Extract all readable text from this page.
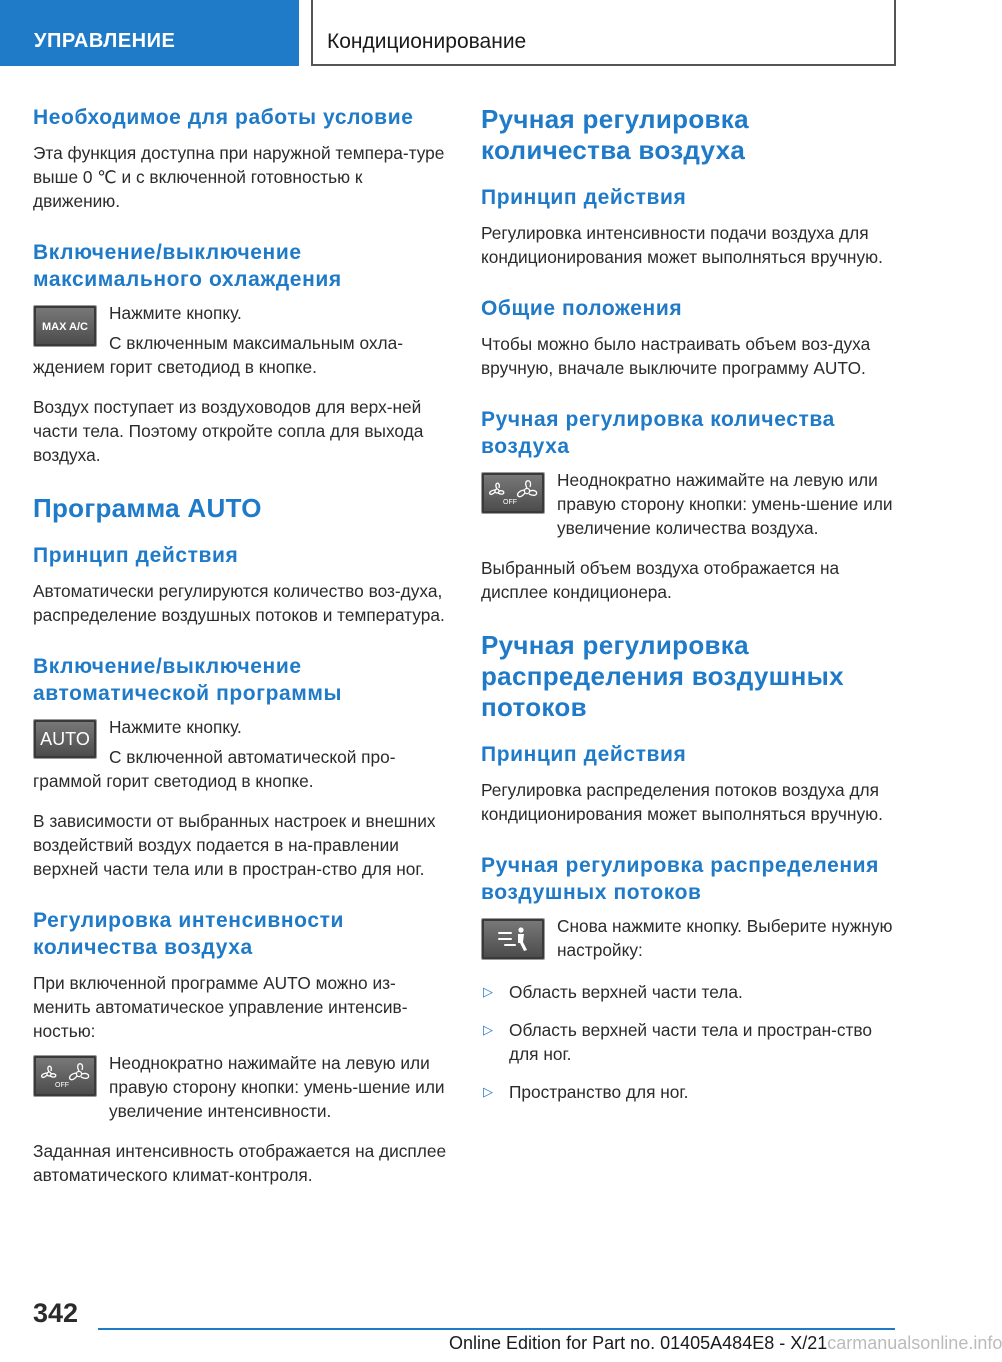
УПРАВЛЕНИЕ	Кондиционирование
Необходимое для работы условие

Эта функция доступна при наружной темпера-туре выше 0 ℃ и с включенной готовностью к движению.

Включение/выключение максимального охлаждения
MAX A/C

Нажмите кнопку.

С включенным максимальным охла-ждением горит светодиод в кнопке.

Воздух поступает из воздуховодов для верх-ней части тела. Поэтому откройте сопла для выхода воздуха.

Программа AUTO
Принцип действия

Автоматически регулируются количество воз-духа, распределение воздушных потоков и температура.

Включение/выключение автоматической программы
AUTO

Нажмите кнопку.

С включенной автоматической про-граммой горит светодиод в кнопке.

В зависимости от выбранных настроек и внешних воздействий воздух подается в на-правлении верхней части тела или в простран-ство для ног.

Регулировка интенсивности количества воздуха

При включенной программе AUTO можно из-менить автоматическое управление интенсив-ностью:

OFF

Неоднократно нажимайте на левую или правую сторону кнопки: умень-шение или увеличение интенсивности.

Заданная интенсивность отображается на дисплее автоматического климат-контроля.

Ручная регулировка количества воздуха
Принцип действия

Регулировка интенсивности подачи воздуха для кондиционирования может выполняться вручную.

Общие положения

Чтобы можно было настраивать объем воз-духа вручную, вначале выключите программу AUTO.

Ручная регулировка количества воздуха
OFF

Неоднократно нажимайте на левую или правую сторону кнопки: умень-шение или увеличение количества воздуха.

Выбранный объем воздуха отображается на дисплее кондиционера.

Ручная регулировка распределения воздушных потоков
Принцип действия

Регулировка распределения потоков воздуха для кондиционирования может выполняться вручную.

Ручная регулировка распределения воздушных потоков

Снова нажмите кнопку. Выберите нужную настройку:

▷ Область верхней части тела.
▷ Область верхней части тела и простран-ство для ног.
▷ Пространство для ног.
342
Online Edition for Part no. 01405A484E8 - X/21carmanualsonline.info
